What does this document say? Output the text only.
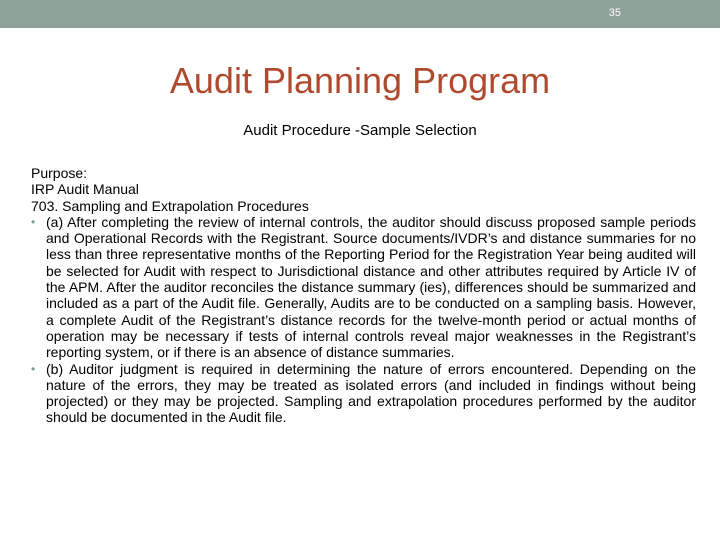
35
Audit Planning Program

Audit Procedure -Sample Selection

Purpose:

IRP Audit Manual

703. Sampling and Extrapolation Procedures

• (a) After completing the review of internal controls, the auditor should discuss proposed sample periods and Operational Records with the Registrant. Source documents/IVDR’s and distance summaries for no less than three representative months of the Reporting Period for the Registration Year being audited will be selected for Audit with respect to Jurisdictional distance and other attributes required by Article IV of the APM. After the auditor reconciles the distance summary (ies), differences should be summarized and included as a part of the Audit file. Generally, Audits are to be conducted on a sampling basis. However, a complete Audit of the Registrant’s distance records for the twelve-month period or actual months of operation may be necessary if tests of internal controls reveal major weaknesses in the Registrant’s reporting system, or if there is an absence of distance summaries.
• (b) Auditor judgment is required in determining the nature of errors encountered. Depending on the nature of the errors, they may be treated as isolated errors (and included in findings without being projected) or they may be projected. Sampling and extrapolation procedures performed by the auditor should be documented in the Audit file.
